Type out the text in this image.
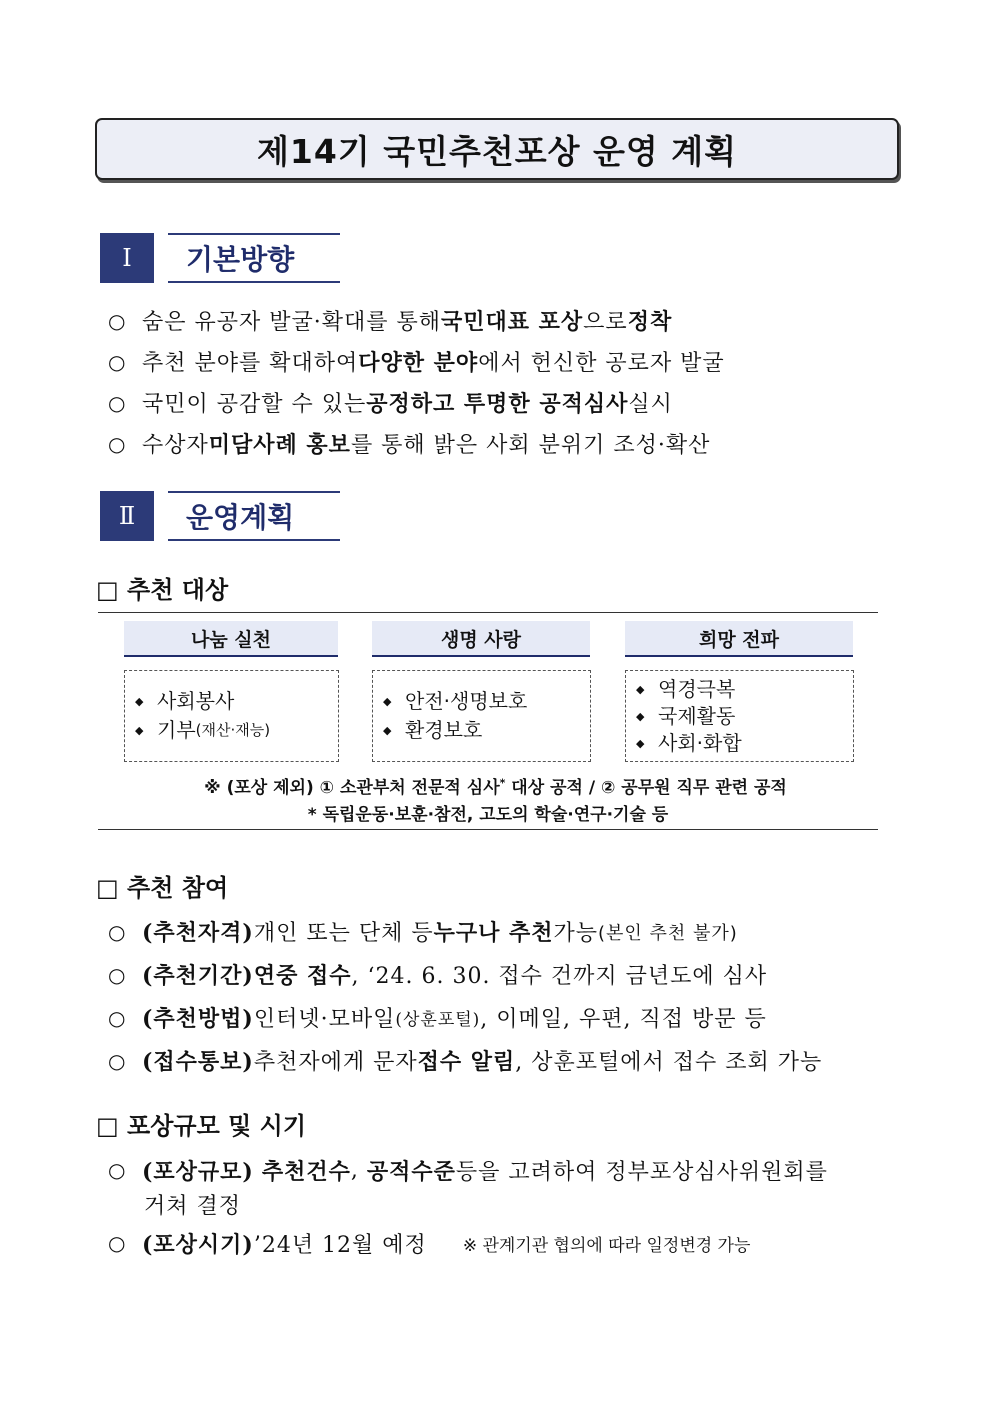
제14기 국민추천포상 운영 계획
Ⅰ	기본방향
○ 숨은 유공자 발굴·확대를 통해 국민대표 포상 으로 정착
○ 추천 분야를 확대하여 다양한 분야 에서 헌신한 공로자 발굴
○ 국민이 공감할 수 있는 공정하고 투명한 공적심사 실시
○ 수상자 미담사례 홍보 를 통해 밝은 사회 분위기 조성·확산
Ⅱ	운영계획
□ 추천 대상
나눔 실천	생명 사랑	희망 전파
◆ 사회봉사
◆ 기부 (재산·재능)
◆ 안전·생명보호
◆ 환경보호
◆ 역경극복
◆ 국제활동
◆ 사회·화합
※ (포상 제외) ① 소관부처 전문적 심사* 대상 공적 / ② 공무원 직무 관련 공적
* 독립운동·보훈·참전, 고도의 학술·연구·기술 등
□ 추천 참여
○ (추천자격) 개인 또는 단체 등 누구나 추천 가능 (본인 추천 불가)
○ (추천기간) 연중 접수 , ‘24. 6. 30. 접수 건까지 금년도에 심사
○ (추천방법) 인터넷·모바일 (상훈포털) , 이메일, 우편, 직접 방문 등
○ (접수통보) 추천자에게 문자 접수 알림 , 상훈포털에서 접수 조회 가능
□ 포상규모 및 시기
○ (포상규모)
추천건수 ,
공적수준 등을 고려하여 정부포상심사위원회를
거쳐 결정
○ (포상시기) ’24년 12월 예정 ※ 관계기관 협의에 따라 일정변경 가능
